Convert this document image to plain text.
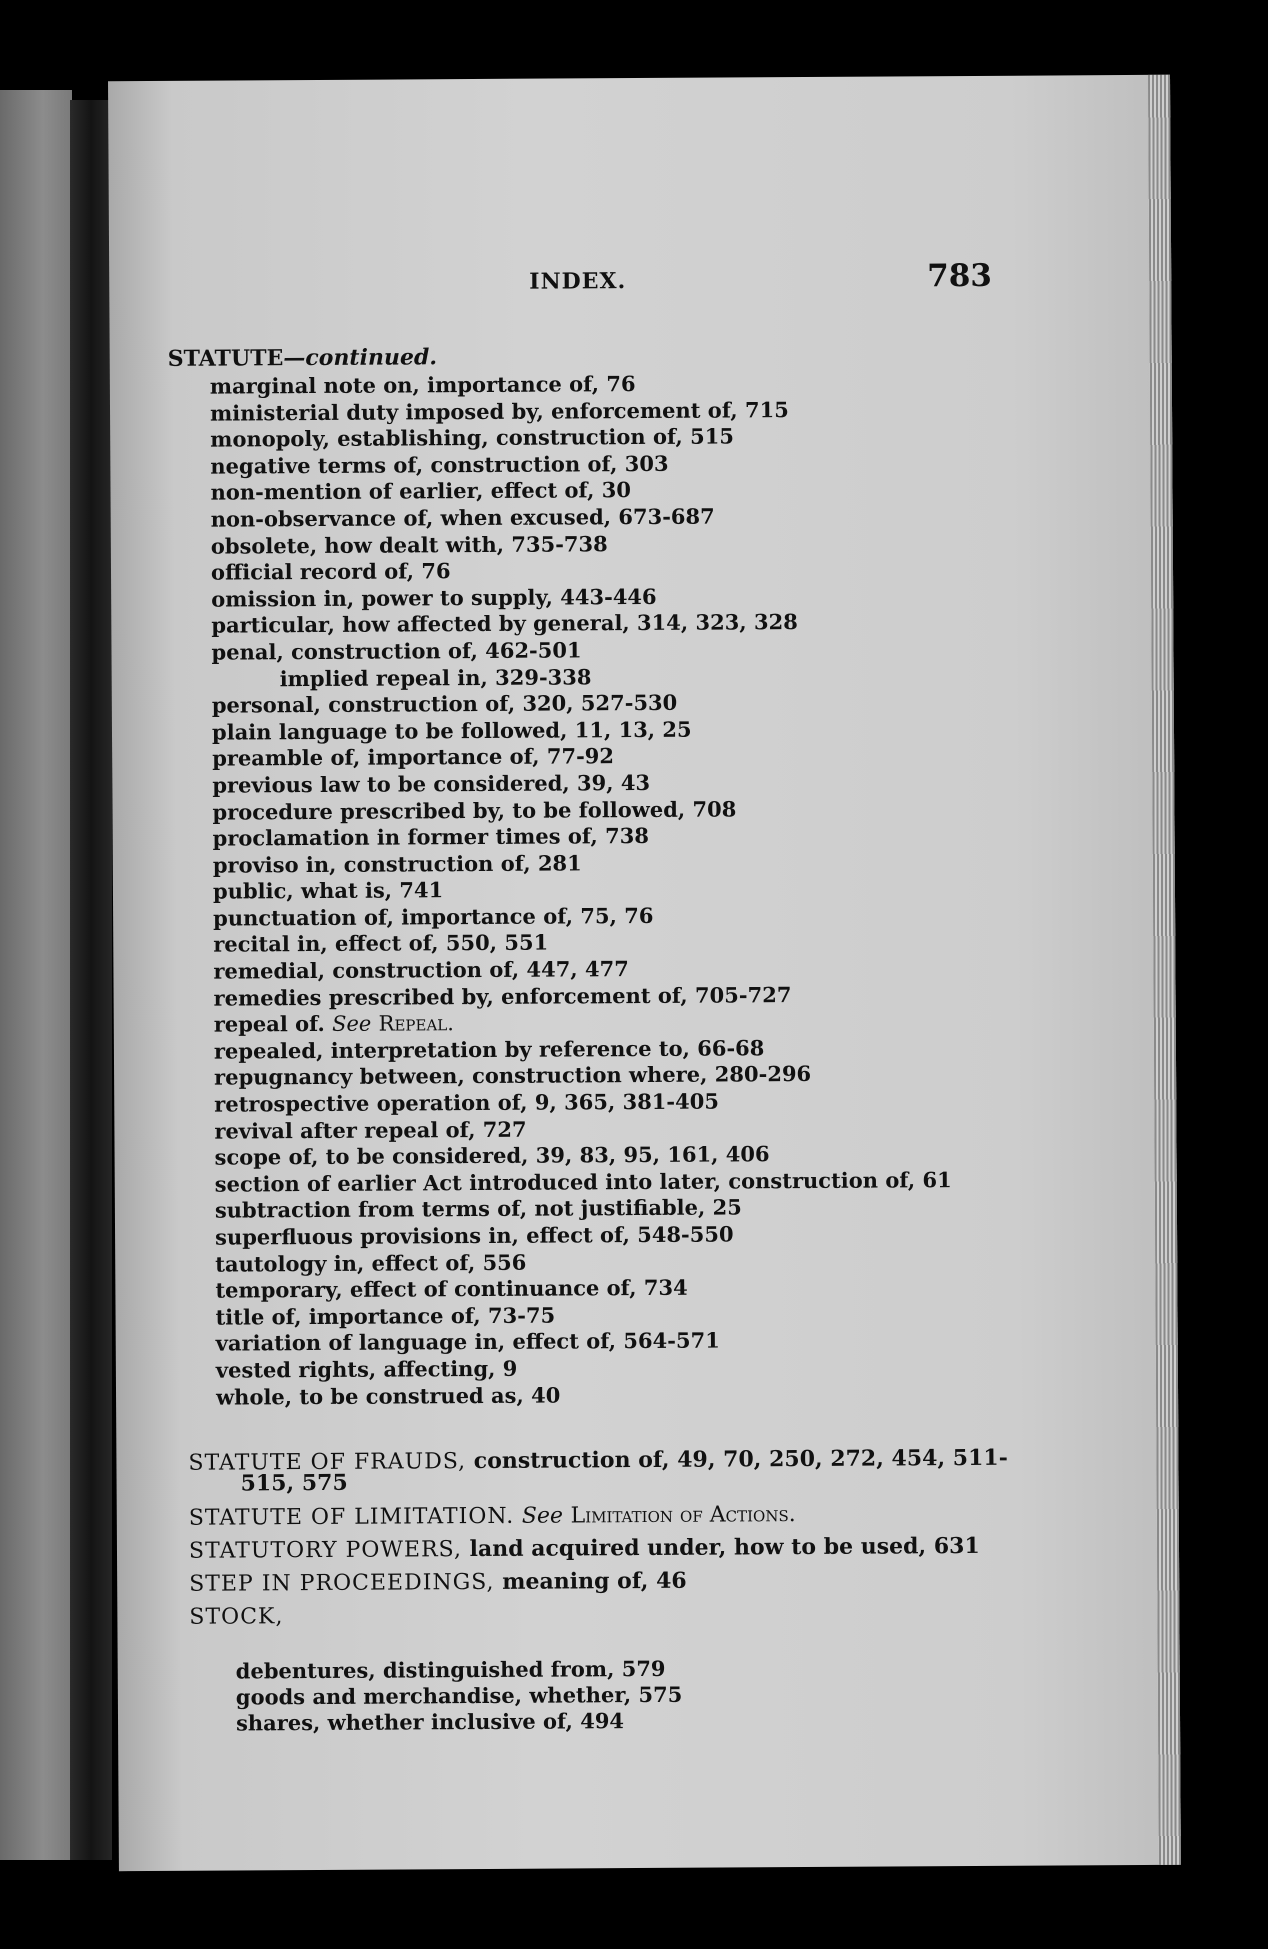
INDEX.	783
STATUTE—continued.
marginal note on, importance of, 76
ministerial duty imposed by, enforcement of, 715
monopoly, establishing, construction of, 515
negative terms of, construction of, 303
non-mention of earlier, effect of, 30
non-observance of, when excused, 673-687
obsolete, how dealt with, 735-738
official record of, 76
omission in, power to supply, 443-446
particular, how affected by general, 314, 323, 328
penal, construction of, 462-501
implied repeal in, 329-338
personal, construction of, 320, 527-530
plain language to be followed, 11, 13, 25
preamble of, importance of, 77-92
previous law to be considered, 39, 43
procedure prescribed by, to be followed, 708
proclamation in former times of, 738
proviso in, construction of, 281
public, what is, 741
punctuation of, importance of, 75, 76
recital in, effect of, 550, 551
remedial, construction of, 447, 477
remedies prescribed by, enforcement of, 705-727
repeal of. See Repeal.
repealed, interpretation by reference to, 66-68
repugnancy between, construction where, 280-296
retrospective operation of, 9, 365, 381-405
revival after repeal of, 727
scope of, to be considered, 39, 83, 95, 161, 406
section of earlier Act introduced into later, construction of, 61
subtraction from terms of, not justifiable, 25
superfluous provisions in, effect of, 548-550
tautology in, effect of, 556
temporary, effect of continuance of, 734
title of, importance of, 73-75
variation of language in, effect of, 564-571
vested rights, affecting, 9
whole, to be construed as, 40

STATUTE OF FRAUDS, construction of, 49, 70, 250, 272, 454, 511-

515, 575

STATUTE OF LIMITATION. See Limitation of Actions.

STATUTORY POWERS, land acquired under, how to be used, 631

STEP IN PROCEEDINGS, meaning of, 46

STOCK,

debentures, distinguished from, 579
goods and merchandise, whether, 575
shares, whether inclusive of, 494
